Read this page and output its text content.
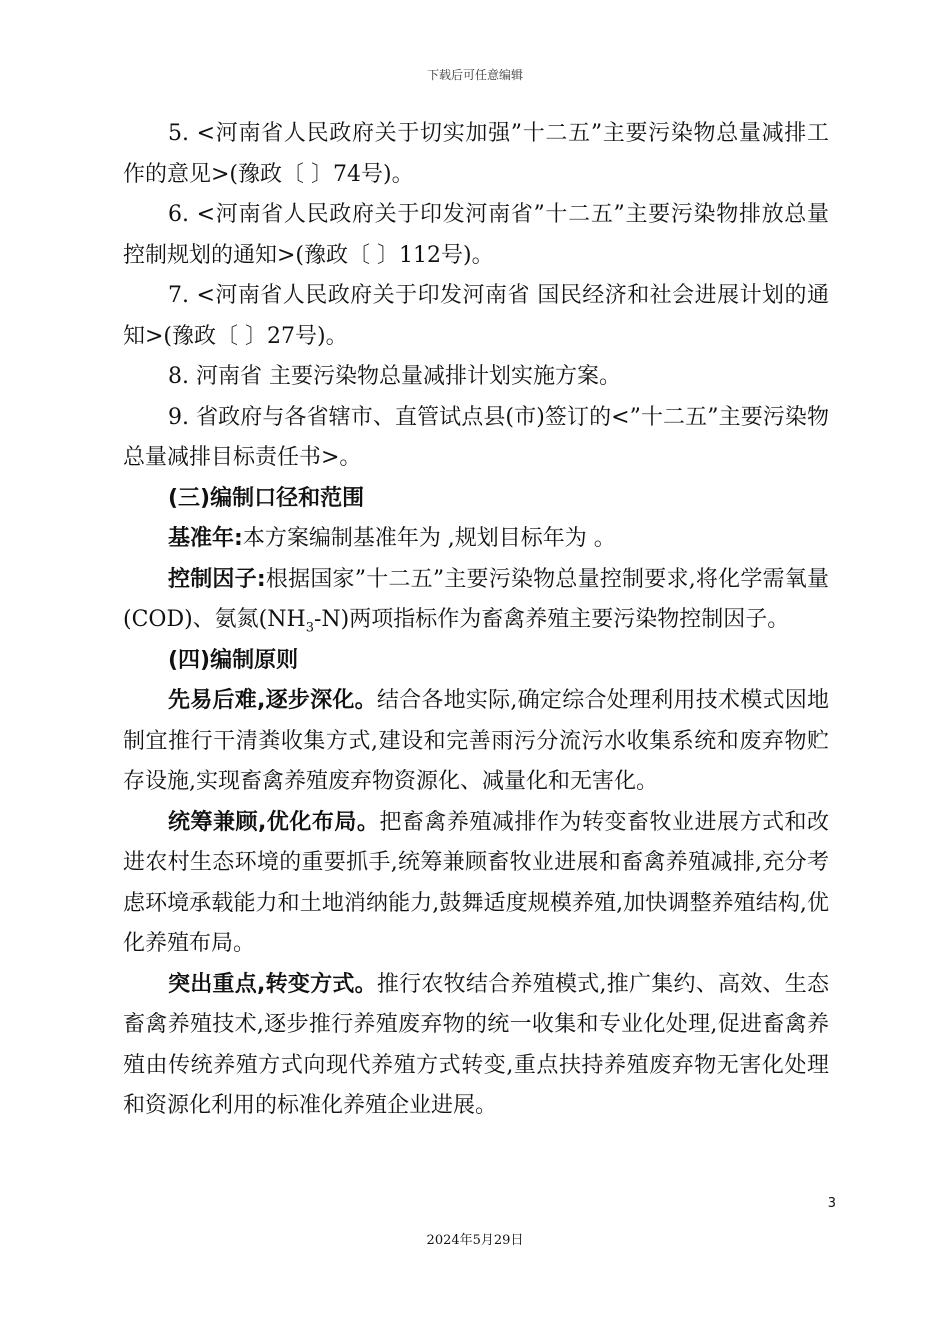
下载后可任意编辑

5. <河南省人民政府关于切实加强”十二五”主要污染物总量减排工作的意见>(豫政〔 〕74号)。

6. <河南省人民政府关于印发河南省”十二五”主要污染物排放总量控制规划的通知>(豫政〔 〕112号)。

7. <河南省人民政府关于印发河南省 国民经济和社会进展计划的通知>(豫政〔 〕27号)。

8. 河南省 主要污染物总量减排计划实施方案。

9. 省政府与各省辖市、直管试点县(市)签订的<”十二五”主要污染物总量减排目标责任书>。

(三)编制口径和范围

基准年:本方案编制基准年为 ,规划目标年为 。

控制因子:根据国家”十二五”主要污染物总量控制要求,将化学需氧量(COD)、氨氮$(NH_3-N)$两项指标作为畜禽养殖主要污染物控制因子。

(四)编制原则

先易后难,逐步深化。结合各地实际,确定综合处理利用技术模式因地制宜推行干清粪收集方式,建设和完善雨污分流污水收集系统和废弃物贮存设施,实现畜禽养殖废弃物资源化、减量化和无害化。

统筹兼顾,优化布局。把畜禽养殖减排作为转变畜牧业进展方式和改进农村生态环境的重要抓手,统筹兼顾畜牧业进展和畜禽养殖减排,充分考虑环境承载能力和土地消纳能力,鼓舞适度规模养殖,加快调整养殖结构,优化养殖布局。

突出重点,转变方式。推行农牧结合养殖模式,推广集约、高效、生态畜禽养殖技术,逐步推行养殖废弃物的统一收集和专业化处理,促进畜禽养殖由传统养殖方式向现代养殖方式转变,重点扶持养殖废弃物无害化处理和资源化利用的标准化养殖企业进展。

3
2024年5月29日
